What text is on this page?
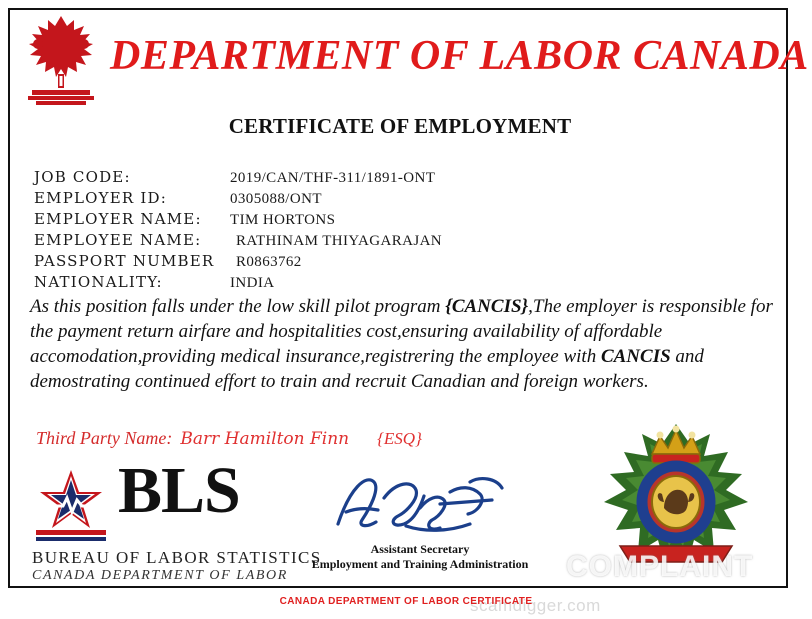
DEPARTMENT OF LABOR CANADA
CERTIFICATE OF EMPLOYMENT
JOB CODE:	2019/CAN/THF-311/1891-ONT
EMPLOYER ID:	0305088/ONT
EMPLOYER NAME:	TIM HORTONS
EMPLOYEE NAME:	RATHINAM THIYAGARAJAN
PASSPORT NUMBER	R0863762
NATIONALITY:	INDIA
As this position falls under the low skill pilot program {CANCIS},The employer is responsible for the payment return airfare and hospitalities cost,ensuring availability of affordable accomodation,providing medical insurance,registrering the employee with CANCIS and demostrating continued effort to train and recruit Canadian and foreign workers.
Third Party Name: Barr Hamilton Finn {ESQ}
BLS
BUREAU OF LABOR STATISTICS
CANADA DEPARTMENT OF LABOR
Assistant Secretary
Employment and Training Administration	COMPLAINT
scamdigger.com
CANADA DEPARTMENT OF LABOR CERTIFICATE
